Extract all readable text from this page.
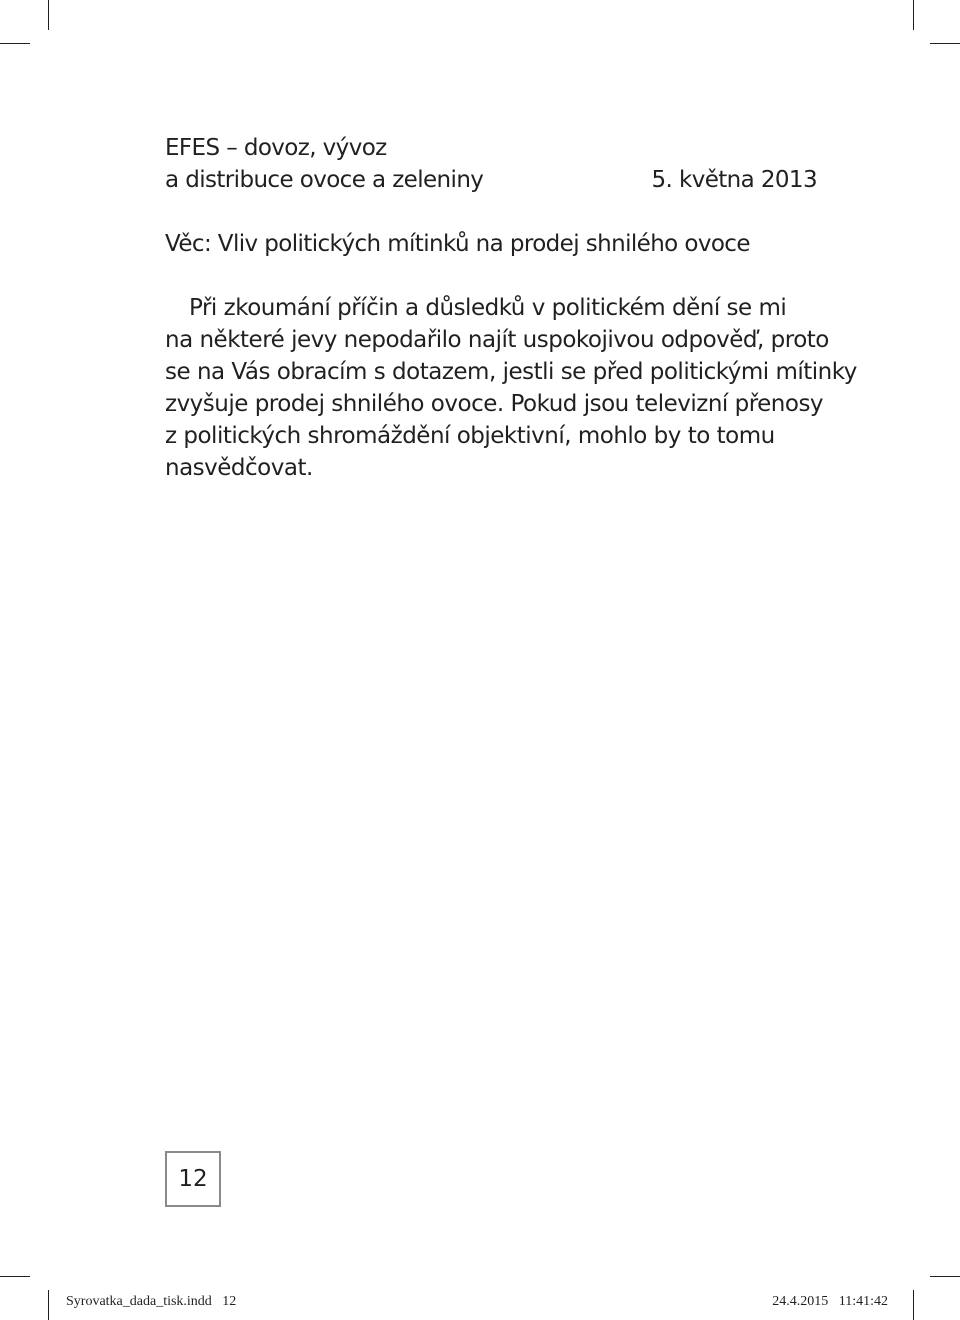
EFES – dovoz, vývoz
a distribuce ovoce a zeleniny	5. května 2013
Věc: Vliv politických mítinků na prodej shnilého ovoce
Při zkoumání příčin a důsledků v politickém dění se mi
na některé jevy nepodařilo najít uspokojivou odpověď, proto
se na Vás obracím s dotazem, jestli se před politickými mítinky
zvyšuje prodej shnilého ovoce. Pokud jsou televizní přenosy
z politických shromáždění objektivní, mohlo by to tomu
nasvědčovat.
12
Syrovatka_dada_tisk.indd   12	24.4.2015   11:41:42
